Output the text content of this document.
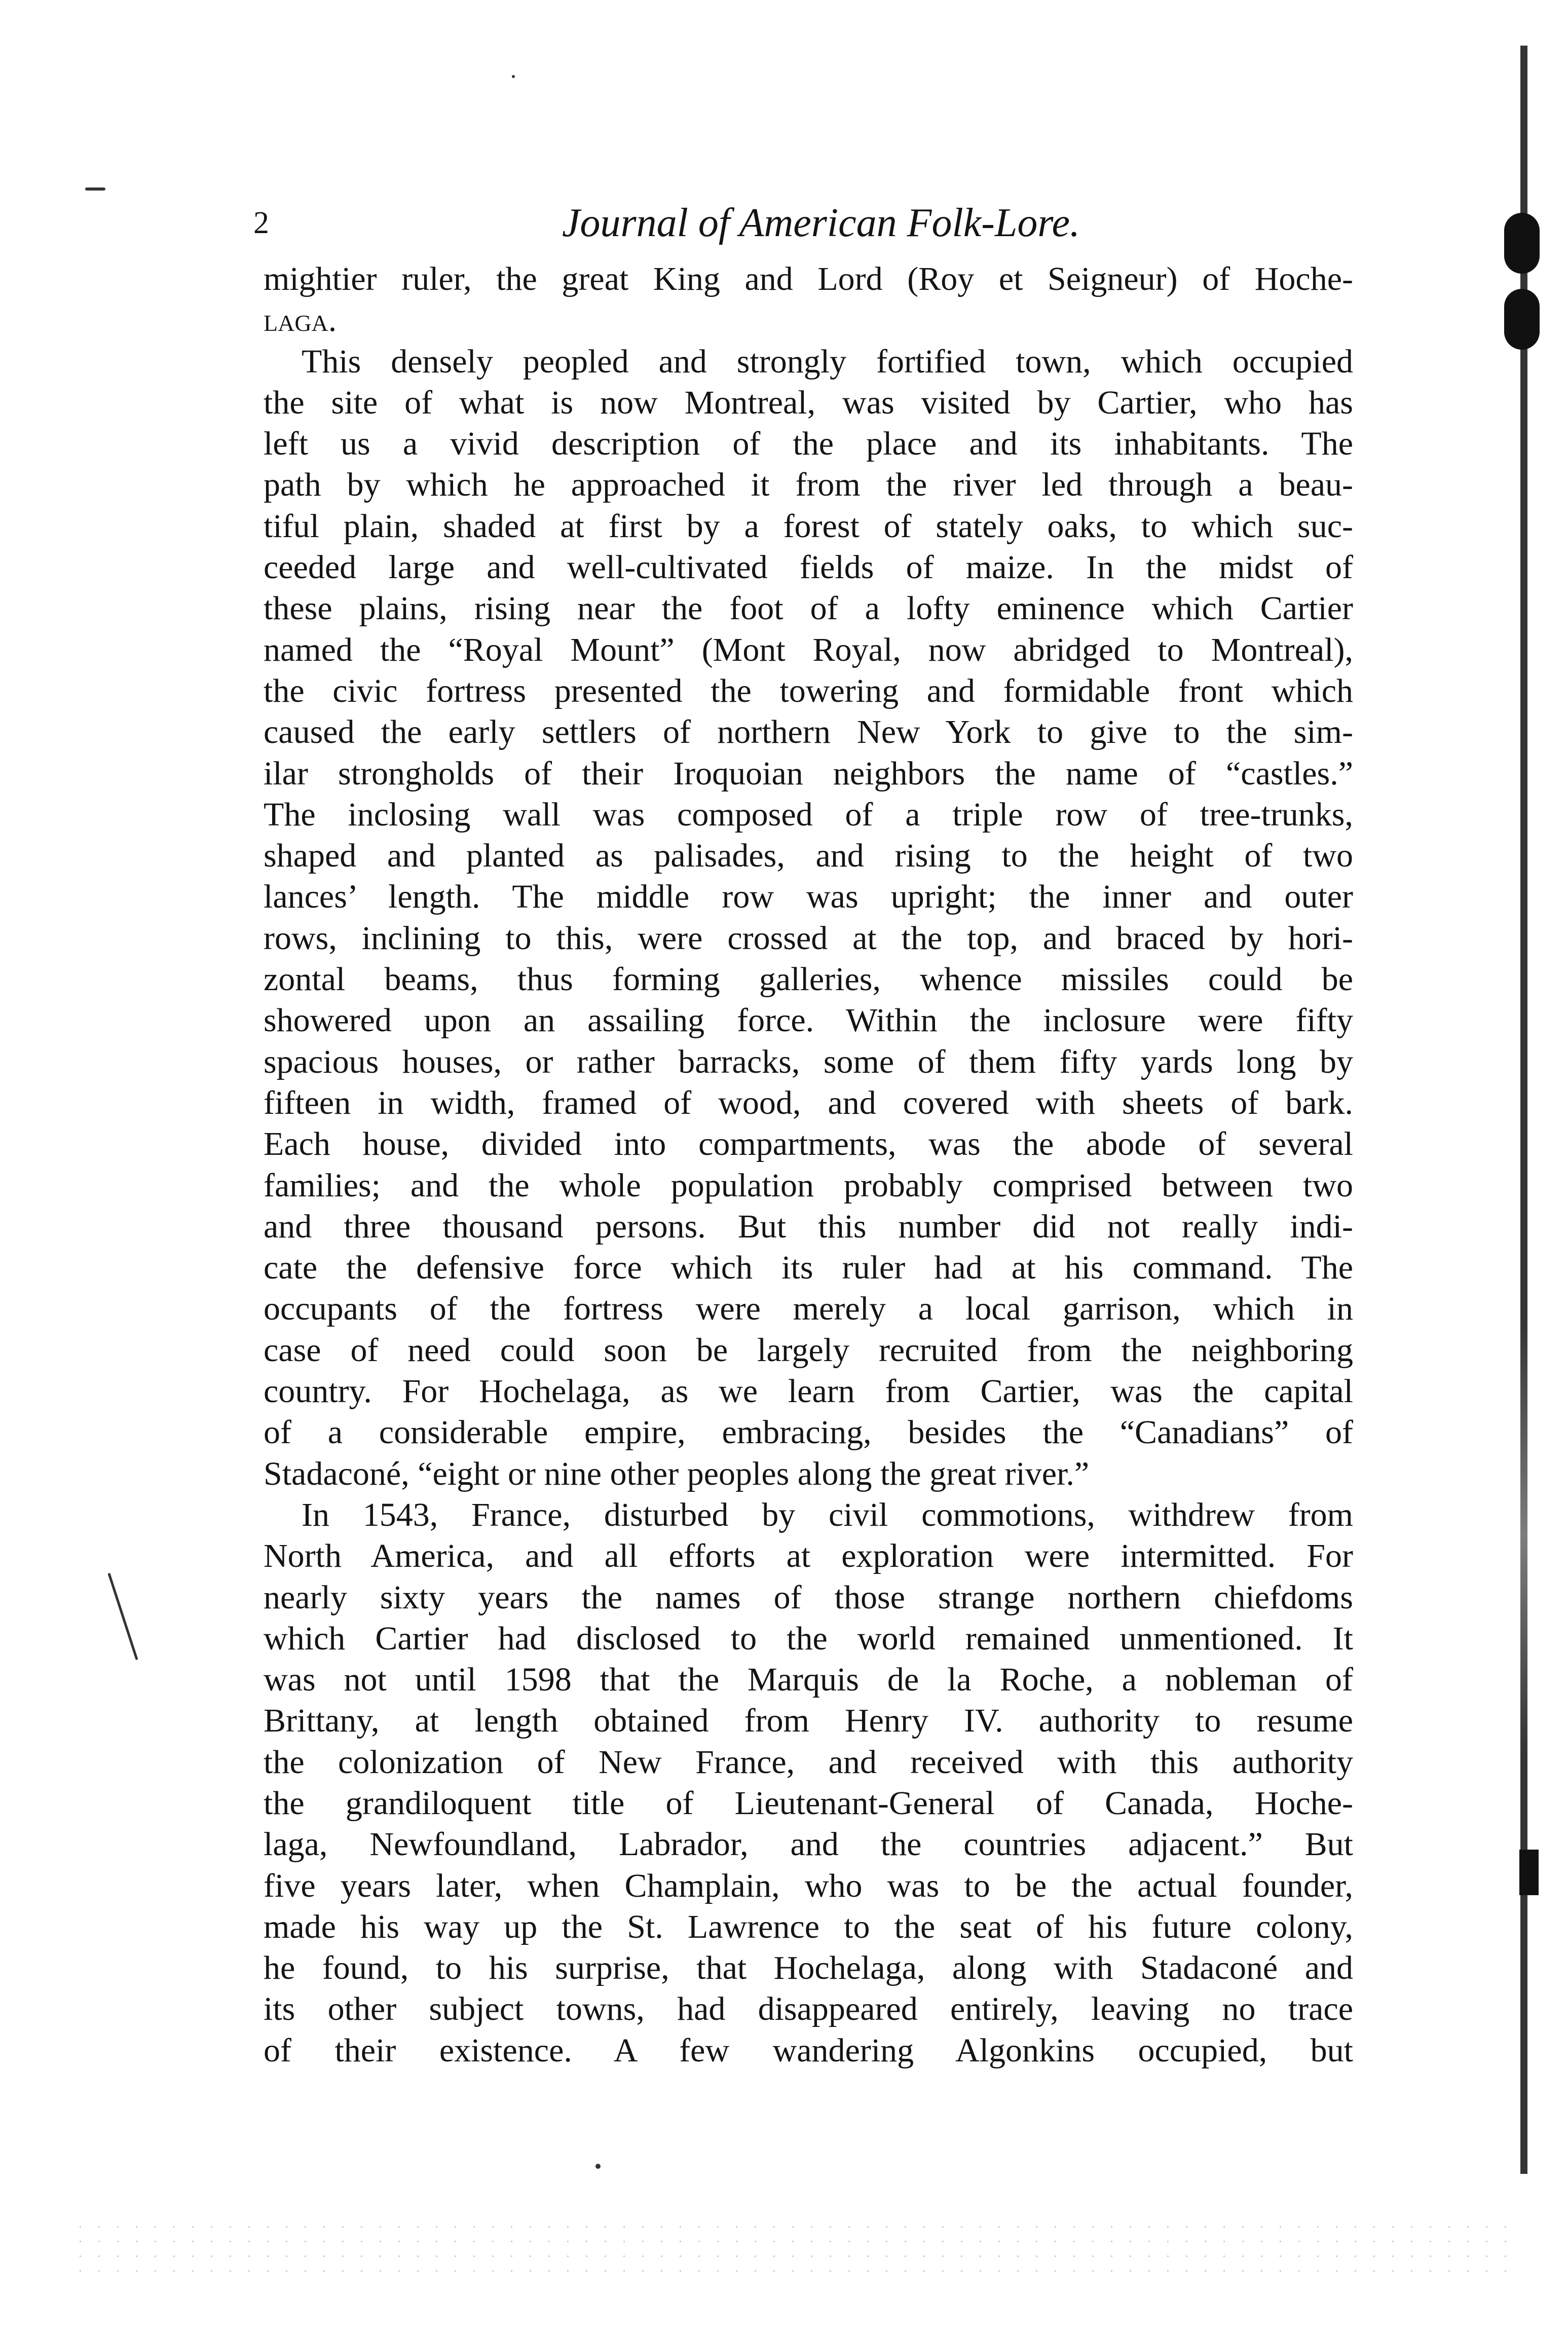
2	Journal of American Folk-Lore.

mightier ruler, the great King and Lord (Roy et Seigneur) of Hoche-

laga.

This densely peopled and strongly fortified town, which occupied

the site of what is now Montreal, was visited by Cartier, who has

left us a vivid description of the place and its inhabitants. The

path by which he approached it from the river led through a beau-

tiful plain, shaded at first by a forest of stately oaks, to which suc-

ceeded large and well-cultivated fields of maize. In the midst of

these plains, rising near the foot of a lofty eminence which Cartier

named the “Royal Mount” (Mont Royal, now abridged to Montreal),

the civic fortress presented the towering and formidable front which

caused the early settlers of northern New York to give to the sim-

ilar strongholds of their Iroquoian neighbors the name of “castles.”

The inclosing wall was composed of a triple row of tree-trunks,

shaped and planted as palisades, and rising to the height of two

lances’ length. The middle row was upright; the inner and outer

rows, inclining to this, were crossed at the top, and braced by hori-

zontal beams, thus forming galleries, whence missiles could be

showered upon an assailing force. Within the inclosure were fifty

spacious houses, or rather barracks, some of them fifty yards long by

fifteen in width, framed of wood, and covered with sheets of bark.

Each house, divided into compartments, was the abode of several

families; and the whole population probably comprised between two

and three thousand persons. But this number did not really indi-

cate the defensive force which its ruler had at his command. The

occupants of the fortress were merely a local garrison, which in

case of need could soon be largely recruited from the neighboring

country. For Hochelaga, as we learn from Cartier, was the capital

of a considerable empire, embracing, besides the “Canadians” of

Stadaconé, “eight or nine other peoples along the great river.”

In 1543, France, disturbed by civil commotions, withdrew from

North America, and all efforts at exploration were intermitted. For

nearly sixty years the names of those strange northern chiefdoms

which Cartier had disclosed to the world remained unmentioned. It

was not until 1598 that the Marquis de la Roche, a nobleman of

Brittany, at length obtained from Henry IV. authority to resume

the colonization of New France, and received with this authority

the grandiloquent title of Lieutenant-General of Canada, Hoche-

laga, Newfoundland, Labrador, and the countries adjacent.” But

five years later, when Champlain, who was to be the actual founder,

made his way up the St. Lawrence to the seat of his future colony,

he found, to his surprise, that Hochelaga, along with Stadaconé and

its other subject towns, had disappeared entirely, leaving no trace

of their existence. A few wandering Algonkins occupied, but
